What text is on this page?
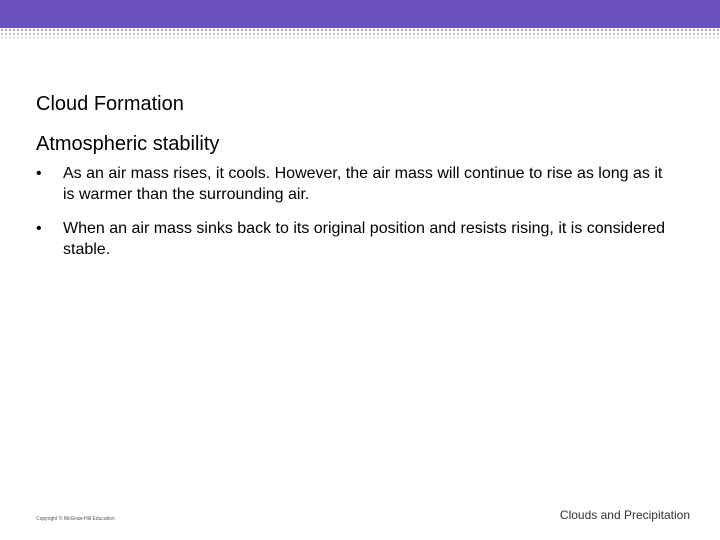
Cloud Formation
Atmospheric stability
• As an air mass rises, it cools. However, the air mass will continue to rise as long as it is warmer than the surrounding air.
• When an air mass sinks back to its original position and resists rising, it is considered stable.
Copyright © McGraw-Hill Education	Clouds and Precipitation
